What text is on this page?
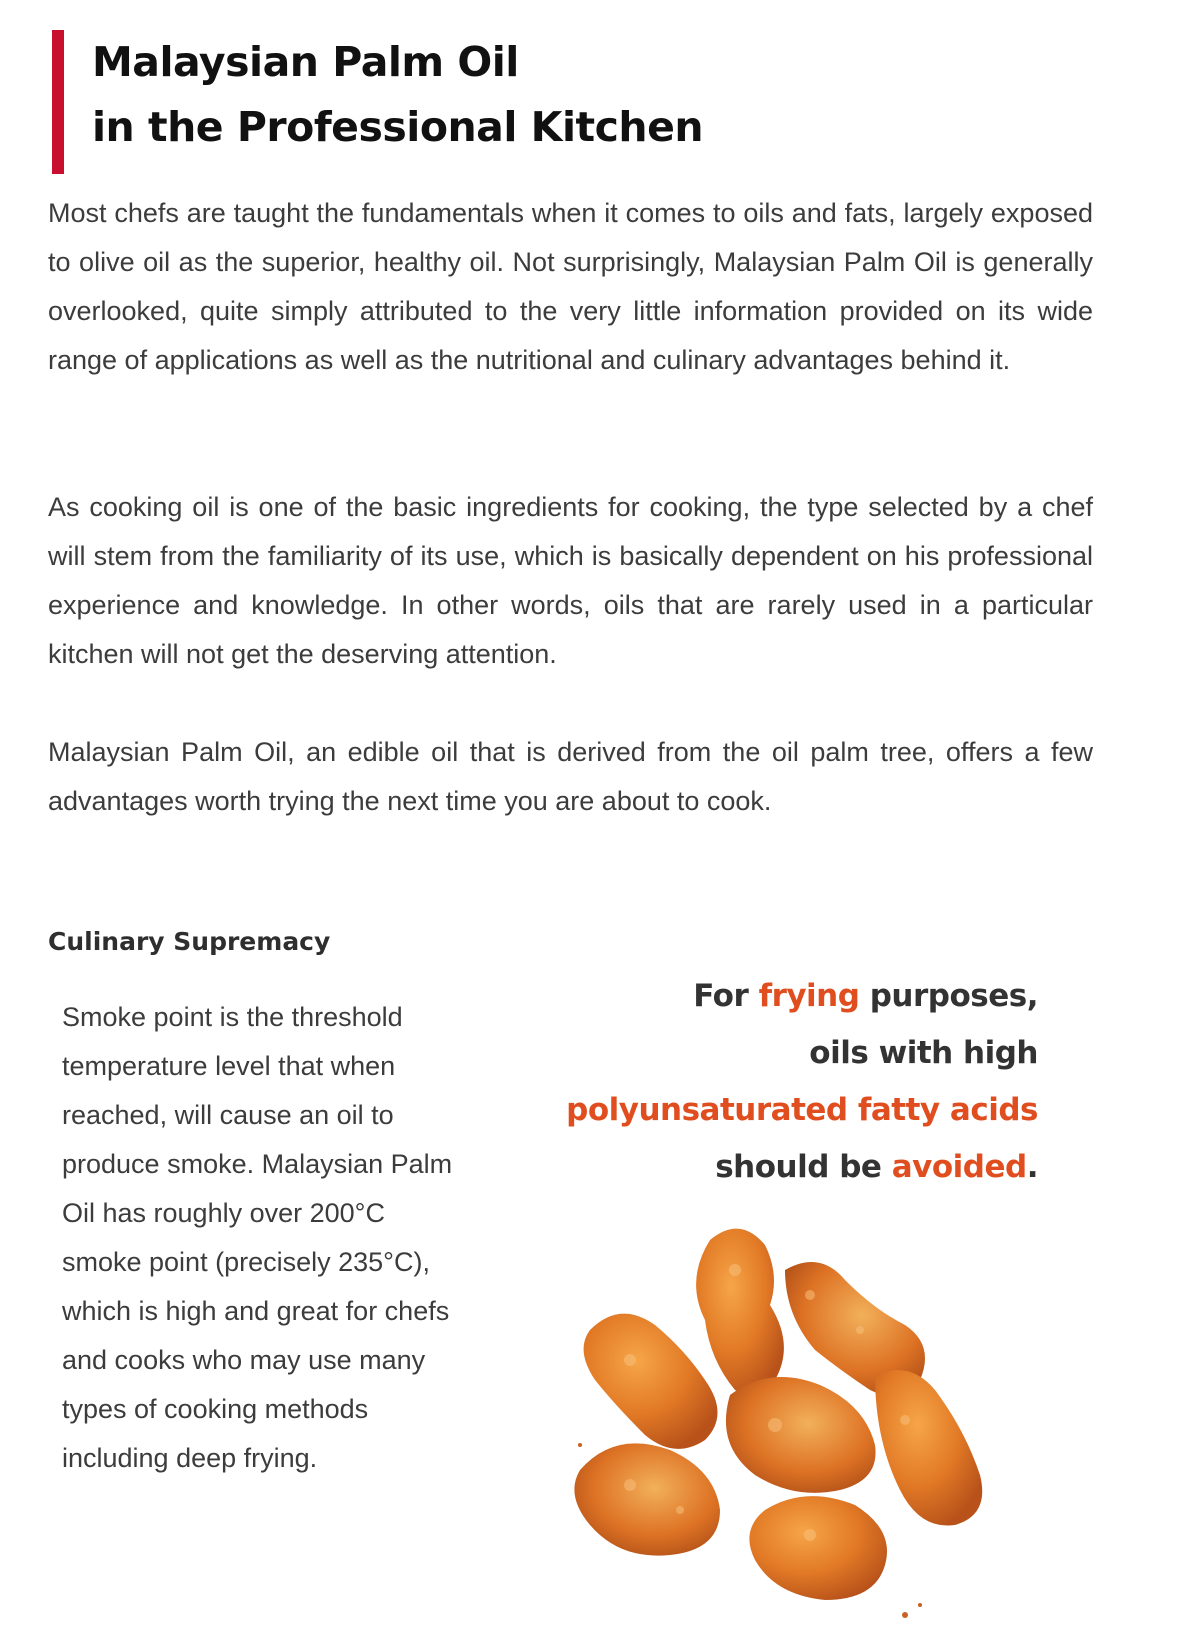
Malaysian Palm Oil
in the Professional Kitchen

Most chefs are taught the fundamentals when it comes to oils and fats, largely exposed to olive oil as the superior, healthy oil. Not surprisingly, Malaysian Palm Oil is generally overlooked, quite simply attributed to the very little information provided on its wide range of applications as well as the nutritional and culinary advantages behind it.

As cooking oil is one of the basic ingredients for cooking, the type selected by a chef will stem from the familiarity of its use, which is basically dependent on his professional experience and knowledge. In other words, oils that are rarely used in a particular kitchen will not get the deserving attention.

Malaysian Palm Oil, an edible oil that is derived from the oil palm tree, offers a few advantages worth trying the next time you are about to cook.

Culinary Supremacy

Smoke point is the threshold temperature level that when reached, will cause an oil to produce smoke. Malaysian Palm Oil has roughly over 200°C smoke point (precisely 235°C), which is high and great for chefs and cooks who may use many types of cooking methods including deep frying.

For frying purposes,
oils with high
polyunsaturated fatty acids
should be avoided.
